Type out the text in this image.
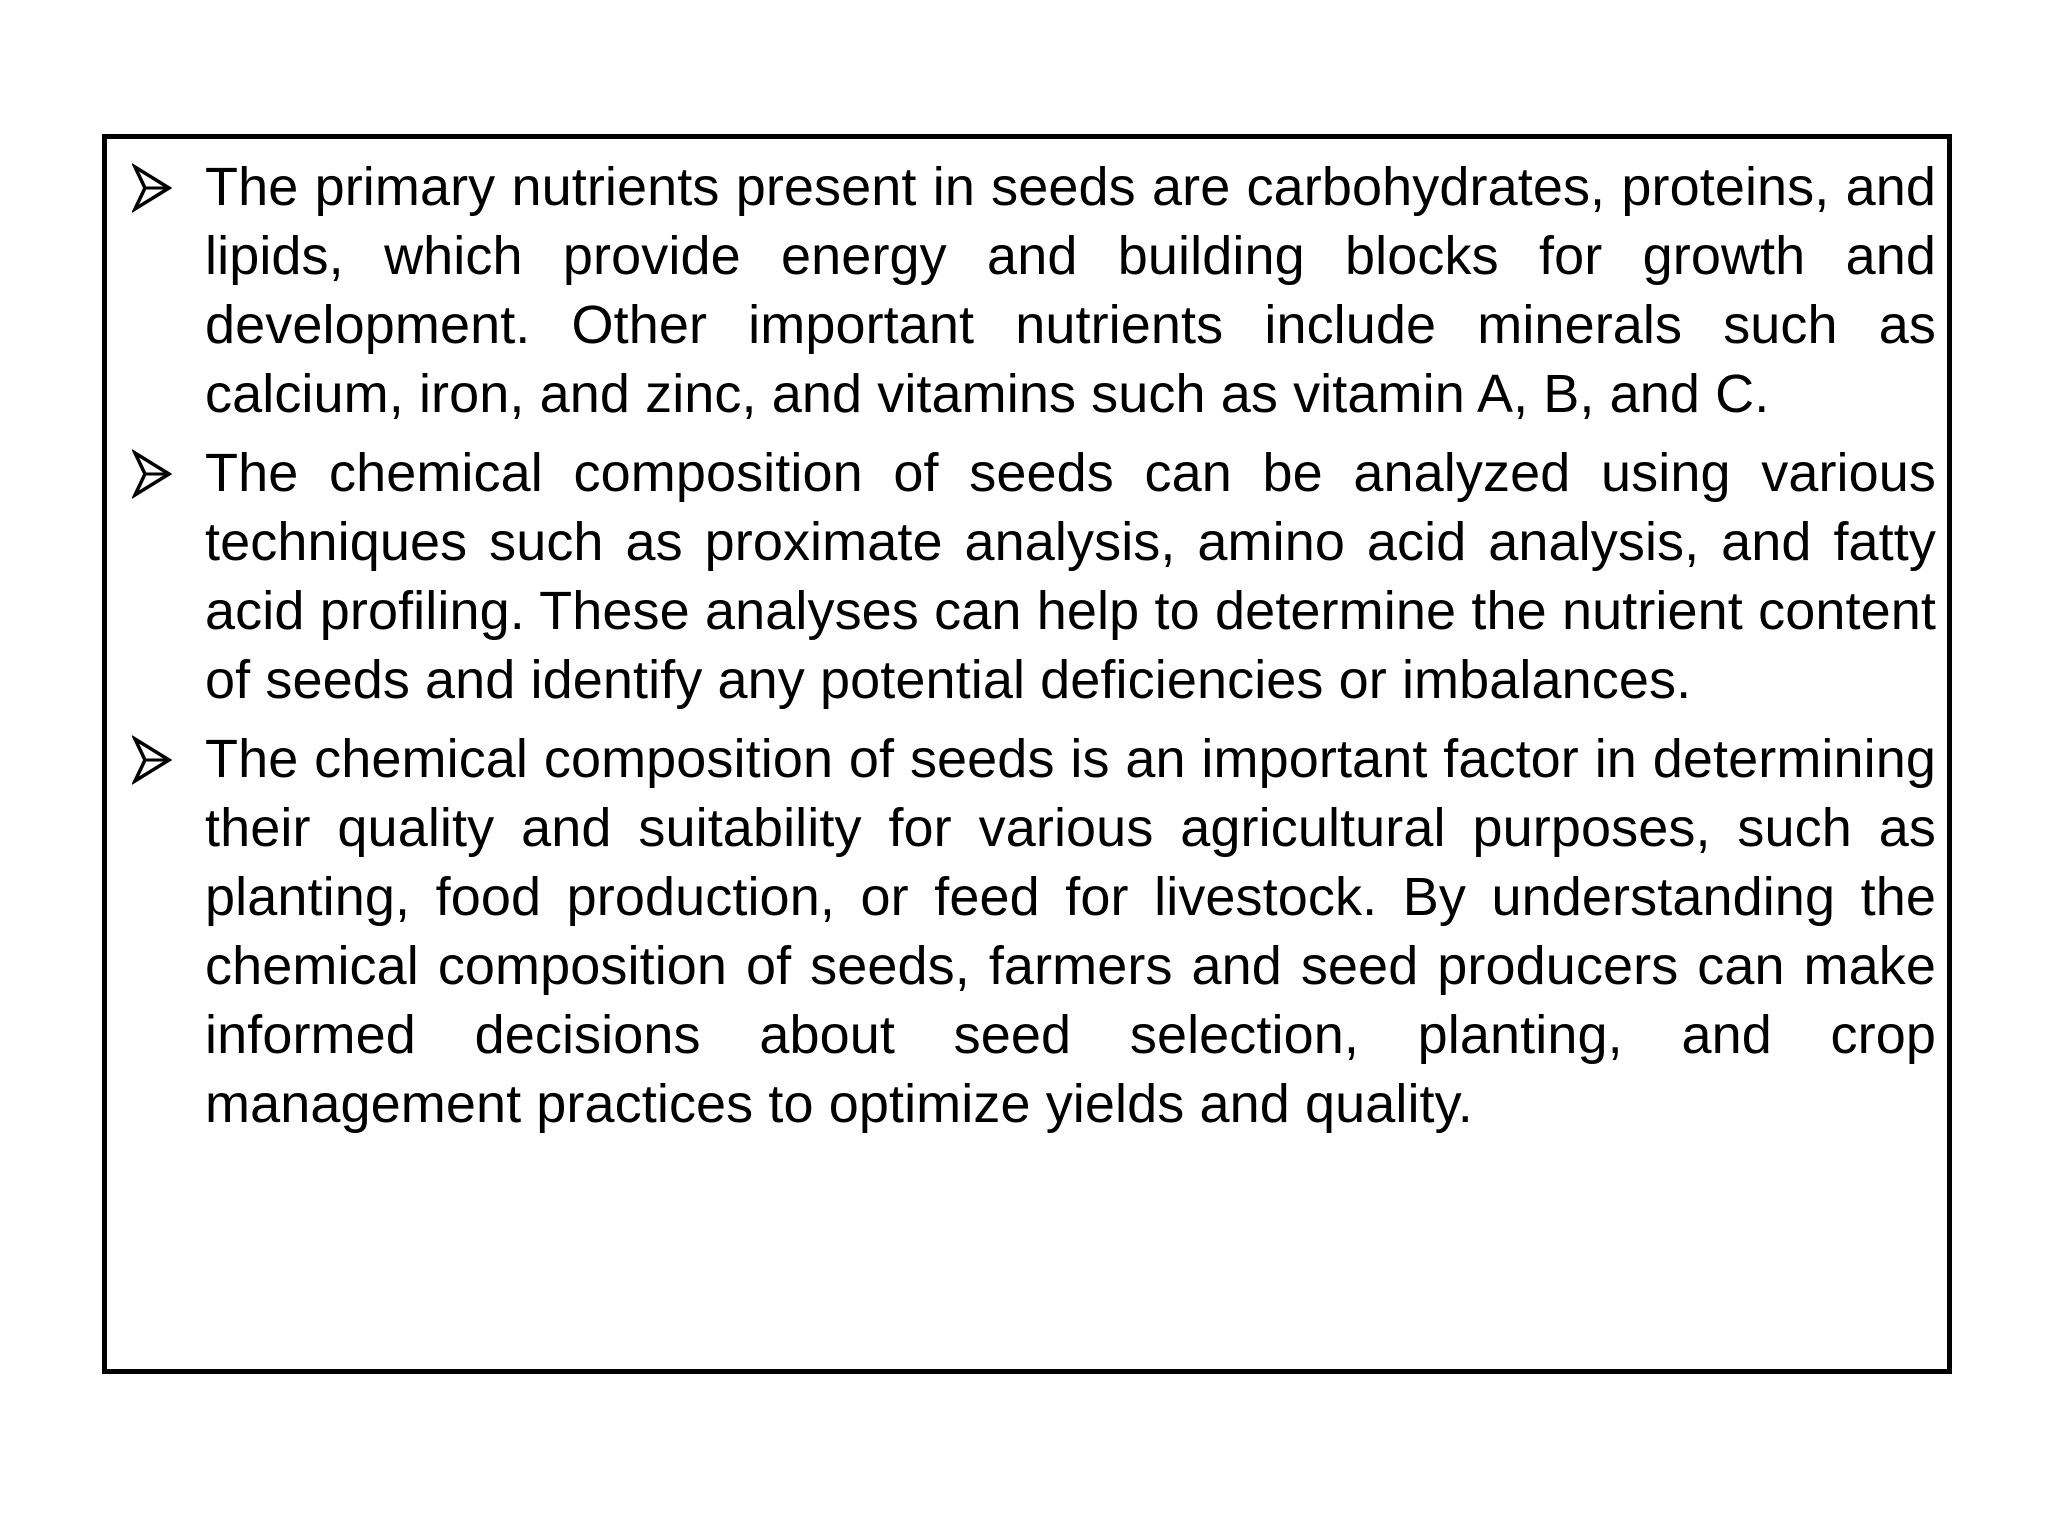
The primary nutrients present in seeds are carbohydrates, proteins, and lipids, which provide energy and building blocks for growth and development. Other important nutrients include minerals such as calcium, iron, and zinc, and vitamins such as vitamin A, B, and C.
The chemical composition of seeds can be analyzed using various techniques such as proximate analysis, amino acid analysis, and fatty acid profiling. These analyses can help to determine the nutrient content of seeds and identify any potential deficiencies or imbalances.
The chemical composition of seeds is an important factor in determining their quality and suitability for various agricultural purposes, such as planting, food production, or feed for livestock. By understanding the chemical composition of seeds, farmers and seed producers can make informed decisions about seed selection, planting, and crop management practices to optimize yields and quality.
